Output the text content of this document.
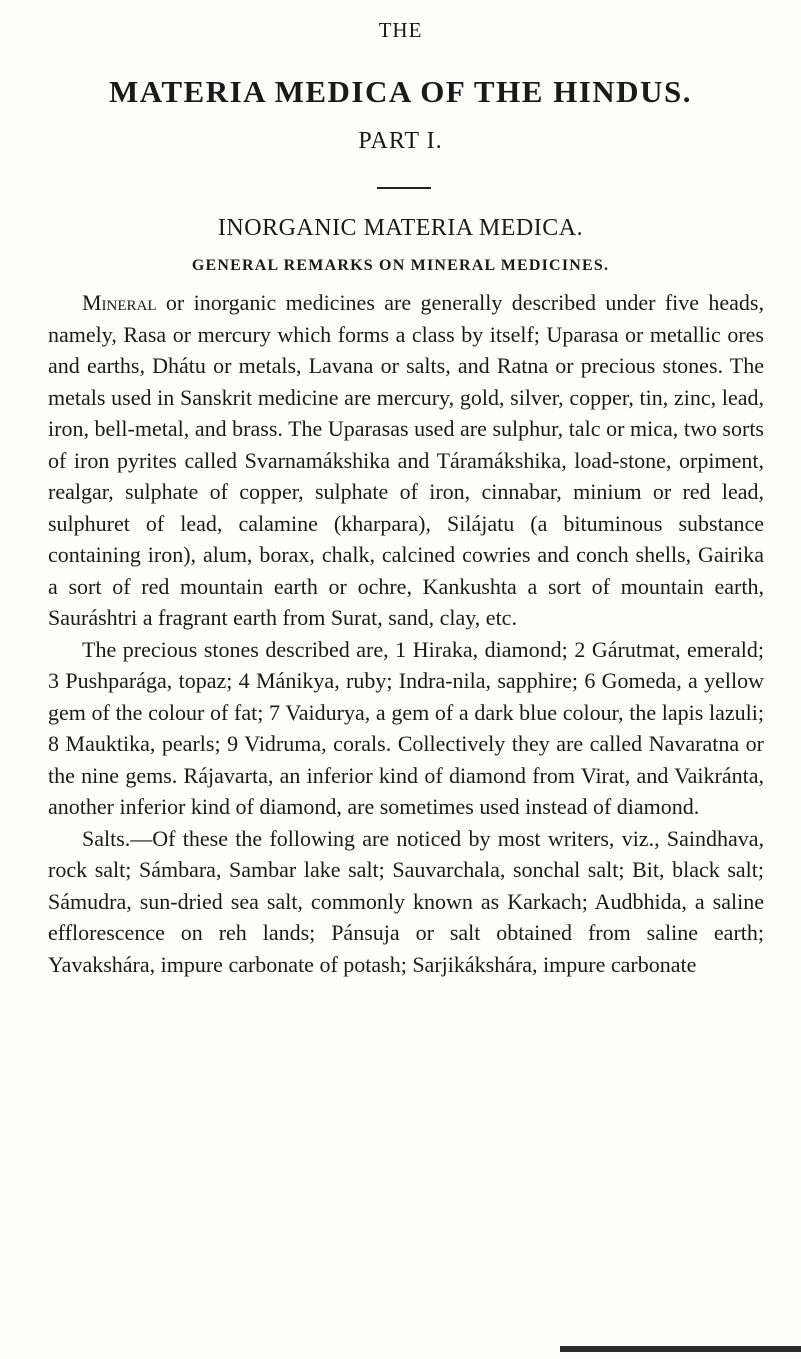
THE
MATERIA MEDICA OF THE HINDUS.
PART I.
INORGANIC MATERIA MEDICA.
GENERAL REMARKS ON MINERAL MEDICINES.

Mineral or inorganic medicines are generally described under five heads, namely, Rasa or mercury which forms a class by itself; Uparasa or metallic ores and earths, Dhátu or metals, Lavana or salts, and Ratna or precious stones. The metals used in Sanskrit medicine are mercury, gold, silver, copper, tin, zinc, lead, iron, bell-metal, and brass. The Uparasas used are sulphur, talc or mica, two sorts of iron pyrites called Svarnamákshika and Táramákshika, load-stone, orpiment, realgar, sulphate of copper, sulphate of iron, cinnabar, minium or red lead, sulphuret of lead, calamine (kharpara), Silájatu (a bituminous substance containing iron), alum, borax, chalk, calcined cowries and conch shells, Gairika a sort of red mountain earth or ochre, Kankushta a sort of mountain earth, Sauráshtri a fragrant earth from Surat, sand, clay, etc.

The precious stones described are, 1 Hiraka, diamond; 2 Gárutmat, emerald; 3 Pushparága, topaz; 4 Mánikya, ruby; Indra-nila, sapphire; 6 Gomeda, a yellow gem of the colour of fat; 7 Vaidurya, a gem of a dark blue colour, the lapis lazuli; 8 Mauktika, pearls; 9 Vidruma, corals. Collectively they are called Navaratna or the nine gems. Rájavarta, an inferior kind of diamond from Virat, and Vaikránta, another inferior kind of diamond, are sometimes used instead of diamond.

Salts.—Of these the following are noticed by most writers, viz., Saindhava, rock salt; Sámbara, Sambar lake salt; Sauvarchala, sonchal salt; Bit, black salt; Sámudra, sun-dried sea salt, commonly known as Karkach; Audbhida, a saline efflorescence on reh lands; Pánsuja or salt obtained from saline earth; Yavakshára, impure carbonate of potash; Sarjikákshára, impure carbonate
